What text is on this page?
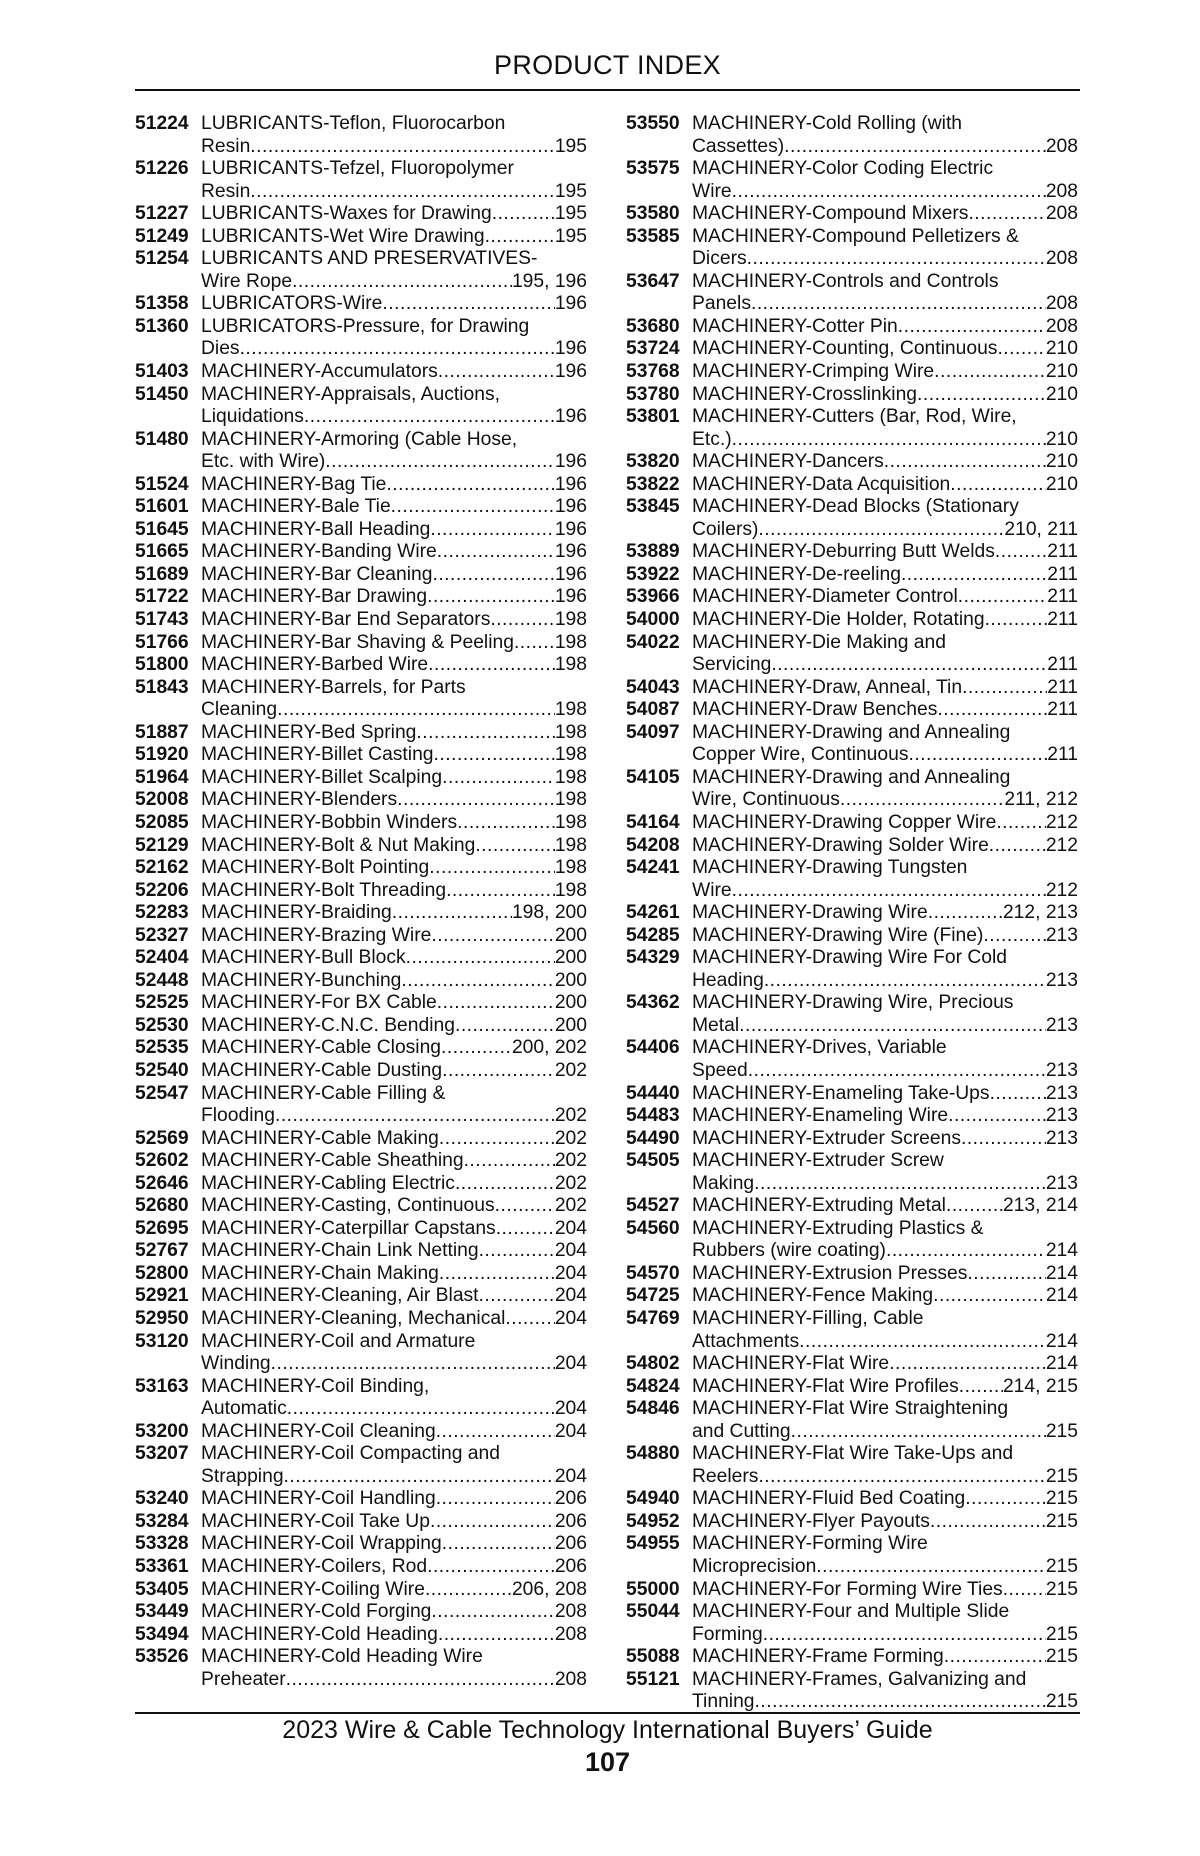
PRODUCT INDEX
51224 LUBRICANTS-Teflon, Fluorocarbon
Resin .....	195
51226 LUBRICANTS-Tefzel, Fluoropolymer
Resin .....	195
51227 LUBRICANTS-Waxes for Drawing .....	195
51249 LUBRICANTS-Wet Wire Drawing .....	195
51254 LUBRICANTS AND PRESERVATIVES-
Wire Rope .....	195, 196
51358 LUBRICATORS-Wire .....	196
51360 LUBRICATORS-Pressure, for Drawing
Dies .....	196
51403 MACHINERY-Accumulators .....	196
51450 MACHINERY-Appraisals, Auctions,
Liquidations .....	196
51480 MACHINERY-Armoring (Cable Hose,
Etc. with Wire) .....	196
51524 MACHINERY-Bag Tie .....	196
51601 MACHINERY-Bale Tie .....	196
51645 MACHINERY-Ball Heading .....	196
51665 MACHINERY-Banding Wire .....	196
51689 MACHINERY-Bar Cleaning .....	196
51722 MACHINERY-Bar Drawing .....	196
51743 MACHINERY-Bar End Separators .....	198
51766 MACHINERY-Bar Shaving & Peeling ..... 198
51800 MACHINERY-Barbed Wire .....	198
51843 MACHINERY-Barrels, for Parts
Cleaning .....	198
51887 MACHINERY-Bed Spring .....	198
51920 MACHINERY-Billet Casting .....	198
51964 MACHINERY-Billet Scalping .....	198
52008 MACHINERY-Blenders .....	198
52085 MACHINERY-Bobbin Winders .....	198
52129 MACHINERY-Bolt & Nut Making .....	198
52162 MACHINERY-Bolt Pointing .....	198
52206 MACHINERY-Bolt Threading .....	198
52283 MACHINERY-Braiding .....	198, 200
52327 MACHINERY-Brazing Wire .....	200
52404 MACHINERY-Bull Block .....	200
52448 MACHINERY-Bunching .....	200
52525 MACHINERY-For BX Cable .....	200
52530 MACHINERY-C.N.C. Bending .....	200
52535 MACHINERY-Cable Closing .....	200, 202
52540 MACHINERY-Cable Dusting .....	202
52547 MACHINERY-Cable Filling &
Flooding .....	202
52569 MACHINERY-Cable Making .....	202
52602 MACHINERY-Cable Sheathing .....	202
52646 MACHINERY-Cabling Electric .....	202
52680 MACHINERY-Casting, Continuous .....	202
52695 MACHINERY-Caterpillar Capstans .....	204
52767 MACHINERY-Chain Link Netting .....	204
52800 MACHINERY-Chain Making .....	204
52921 MACHINERY-Cleaning, Air Blast .....	204
52950 MACHINERY-Cleaning, Mechanical .....	204
53120 MACHINERY-Coil and Armature
Winding .....	204
53163 MACHINERY-Coil Binding,
Automatic .....	204
53200 MACHINERY-Coil Cleaning .....	204
53207 MACHINERY-Coil Compacting and
Strapping .....	204
53240 MACHINERY-Coil Handling .....	206
53284 MACHINERY-Coil Take Up .....	206
53328 MACHINERY-Coil Wrapping .....	206
53361 MACHINERY-Coilers, Rod .....	206
53405 MACHINERY-Coiling Wire .....	206, 208
53449 MACHINERY-Cold Forging .....	208
53494 MACHINERY-Cold Heading .....	208
53526 MACHINERY-Cold Heading Wire
Preheater .....	208
53550 MACHINERY-Cold Rolling (with
Cassettes) .....	208
53575 MACHINERY-Color Coding Electric
Wire .....	208
53580 MACHINERY-Compound Mixers .....	208
53585 MACHINERY-Compound Pelletizers &
Dicers .....	208
53647 MACHINERY-Controls and Controls
Panels .....	208
53680 MACHINERY-Cotter Pin .....	208
53724 MACHINERY-Counting, Continuous .....	210
53768 MACHINERY-Crimping Wire .....	210
53780 MACHINERY-Crosslinking .....	210
53801 MACHINERY-Cutters (Bar, Rod, Wire,
Etc.) .....	210
53820 MACHINERY-Dancers .....	210
53822 MACHINERY-Data Acquisition .....	210
53845 MACHINERY-Dead Blocks (Stationary
Coilers) .....	210, 211
53889 MACHINERY-Deburring Butt Welds .....	211
53922 MACHINERY-De-reeling .....	211
53966 MACHINERY-Diameter Control .....	211
54000 MACHINERY-Die Holder, Rotating .....	211
54022 MACHINERY-Die Making and
Servicing .....	211
54043 MACHINERY-Draw, Anneal, Tin .....	211
54087 MACHINERY-Draw Benches .....	211
54097 MACHINERY-Drawing and Annealing
Copper Wire, Continuous .....	211
54105 MACHINERY-Drawing and Annealing
Wire, Continuous .....	211, 212
54164 MACHINERY-Drawing Copper Wire .....	212
54208 MACHINERY-Drawing Solder Wire .....	212
54241 MACHINERY-Drawing Tungsten
Wire .....	212
54261 MACHINERY-Drawing Wire .....	212, 213
54285 MACHINERY-Drawing Wire (Fine) .....	213
54329 MACHINERY-Drawing Wire For Cold
Heading .....	213
54362 MACHINERY-Drawing Wire, Precious
Metal .....	213
54406 MACHINERY-Drives, Variable
Speed .....	213
54440 MACHINERY-Enameling Take-Ups .....	213
54483 MACHINERY-Enameling Wire .....	213
54490 MACHINERY-Extruder Screens .....	213
54505 MACHINERY-Extruder Screw
Making .....	213
54527 MACHINERY-Extruding Metal .....	213, 214
54560 MACHINERY-Extruding Plastics &
Rubbers (wire coating) .....	214
54570 MACHINERY-Extrusion Presses .....	214
54725 MACHINERY-Fence Making .....	214
54769 MACHINERY-Filling, Cable
Attachments .....	214
54802 MACHINERY-Flat Wire .....	214
54824 MACHINERY-Flat Wire Profiles ..... 214, 215
54846 MACHINERY-Flat Wire Straightening
and Cutting .....	215
54880 MACHINERY-Flat Wire Take-Ups and
Reelers .....	215
54940 MACHINERY-Fluid Bed Coating .....	215
54952 MACHINERY-Flyer Payouts .....	215
54955 MACHINERY-Forming Wire
Microprecision .....	215
55000 MACHINERY-For Forming Wire Ties ..... 215
55044 MACHINERY-Four and Multiple Slide
Forming .....	215
55088 MACHINERY-Frame Forming .....	215
55121 MACHINERY-Frames, Galvanizing and
Tinning .....	215
2023 Wire & Cable Technology International Buyers’ Guide
107
